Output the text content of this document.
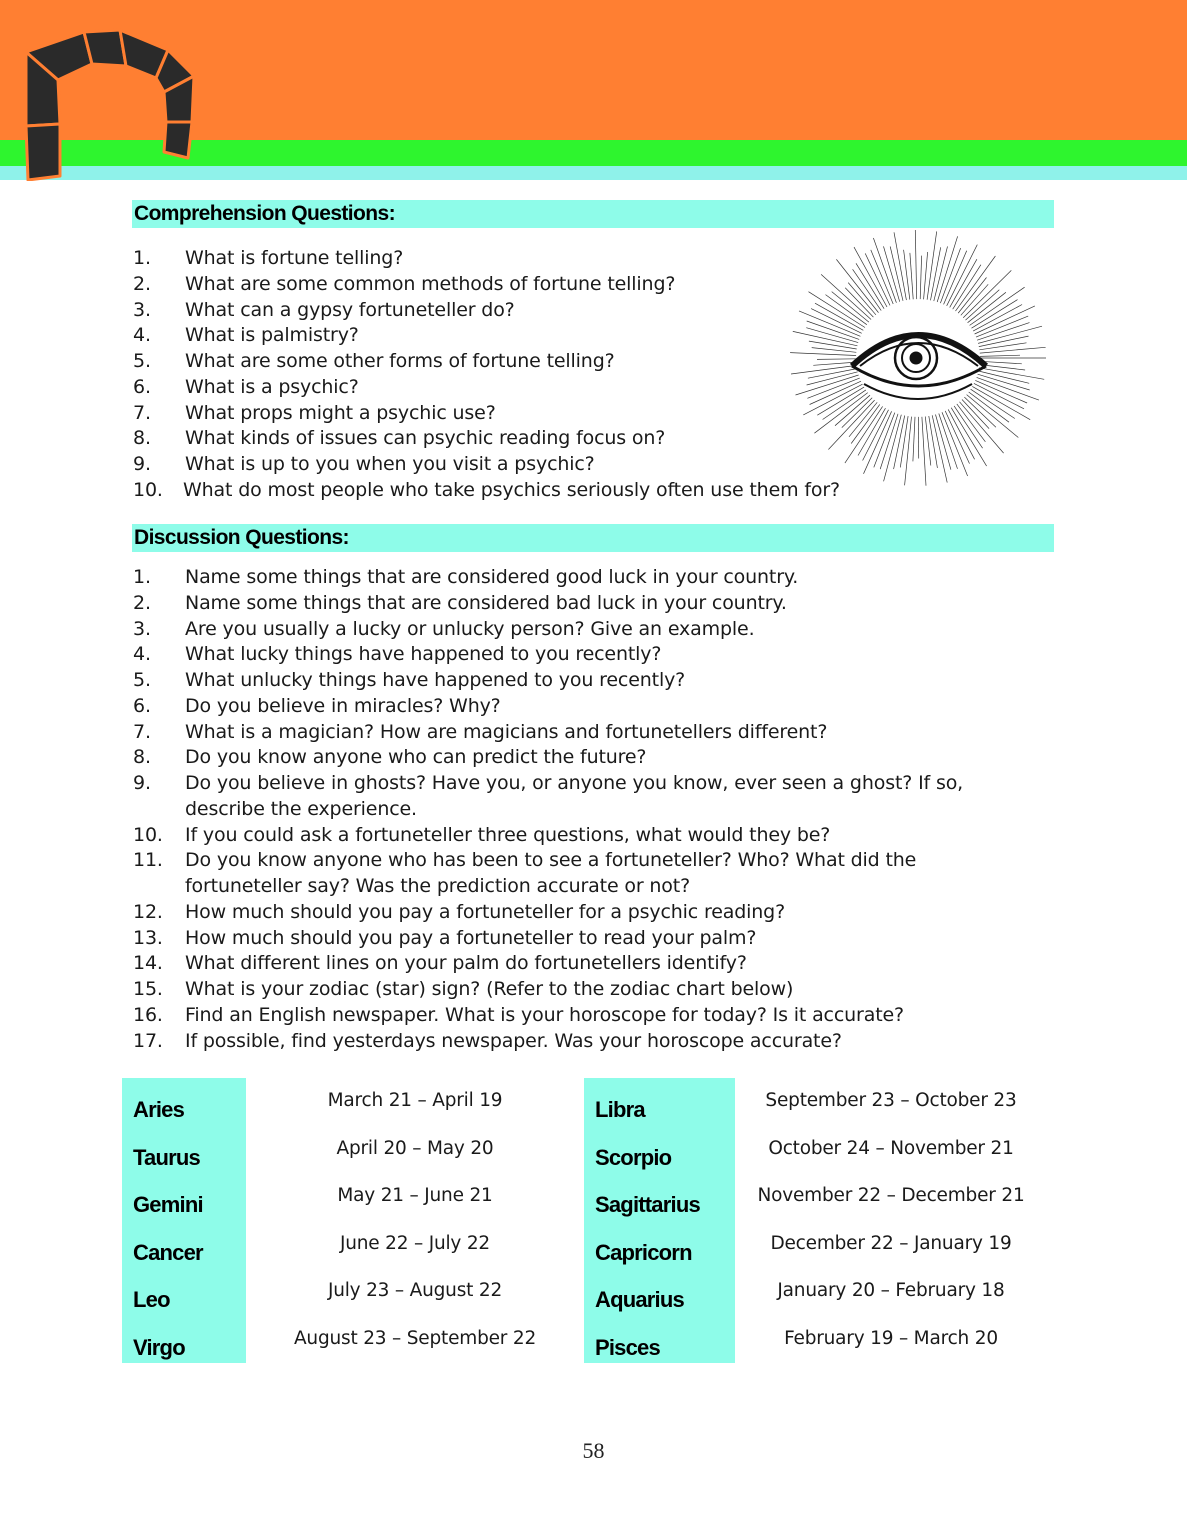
Comprehension Questions:
1. What is fortune telling?
2. What are some common methods of fortune telling?
3. What can a gypsy fortuneteller do?
4. What is palmistry?
5. What are some other forms of fortune telling?
6. What is a psychic?
7. What props might a psychic use?
8. What kinds of issues can psychic reading focus on?
9. What is up to you when you visit a psychic?
10. What do most people who take psychics seriously often use them for?
Discussion Questions:
1. Name some things that are considered good luck in your country.
2. Name some things that are considered bad luck in your country.
3. Are you usually a lucky or unlucky person? Give an example.
4. What lucky things have happened to you recently?
5. What unlucky things have happened to you recently?
6. Do you believe in miracles? Why?
7. What is a magician? How are magicians and fortunetellers different?
8. Do you know anyone who can predict the future?
9. Do you believe in ghosts? Have you, or anyone you know, ever seen a ghost? If so,
describe the experience.
10. If you could ask a fortuneteller three questions, what would they be?
11. Do you know anyone who has been to see a fortuneteller? Who? What did the
fortuneteller say? Was the prediction accurate or not?
12. How much should you pay a fortuneteller for a psychic reading?
13. How much should you pay a fortuneteller to read your palm?
14. What different lines on your palm do fortunetellers identify?
15. What is your zodiac (star) sign? (Refer to the zodiac chart below)
16. Find an English newspaper. What is your horoscope for today? Is it accurate?
17. If possible, find yesterdays newspaper. Was your horoscope accurate?
Aries	March 21 – April 19
Taurus	April 20 – May 20
Gemini	May 21 – June 21
Cancer	June 22 – July 22
Leo	July 23 – August 22
Virgo	August 23 – September 22
Libra	September 23 – October 23
Scorpio	October 24 – November 21
Sagittarius	November 22 – December 21
Capricorn	December 22 – January 19
Aquarius	January 20 – February 18
Pisces	February 19 – March 20
58
